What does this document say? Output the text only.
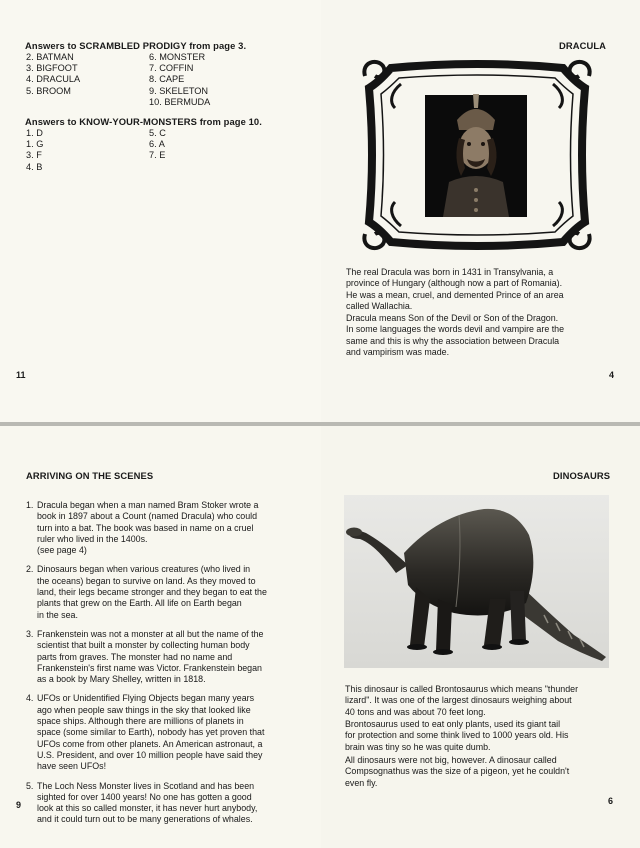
Answers to SCRAMBLED PRODIGY from page 3.
2. BATMAN
3. BIGFOOT
4. DRACULA
5. BROOM
6. MONSTER
7. COFFIN
8. CAPE
9. SKELETON
10. BERMUDA
Answers to KNOW-YOUR-MONSTERS from page 10.
1. D
1. G
3. F
4. B
5. C
6. A
7. E
11
DRACULA
The real Dracula was born in 1431 in Transylvania, a
province of Hungary (although now a part of Romania).
He was a mean, cruel, and demented Prince of an area
called Wallachia.
Dracula means Son of the Devil or Son of the Dragon.
In some languages the words devil and vampire are the
same and this is why the association between Dracula
and vampirism was made.
4
ARRIVING ON THE SCENES
1. Dracula began when a man named Bram Stoker wrote a
book in 1897 about a Count (named Dracula) who could
turn into a bat. The book was based in name on a cruel
ruler who lived in the 1400s.
(see page 4)
2. Dinosaurs began when various creatures (who lived in
the oceans) began to survive on land. As they moved to
land, their legs became stronger and they began to eat the
plants that grew on the Earth. All life on Earth began
in the sea.
3. Frankenstein was not a monster at all but the name of the
scientist that built a monster by collecting human body
parts from graves. The monster had no name and
Frankenstein's first name was Victor. Frankenstein began
as a book by Mary Shelley, written in 1818.
4. UFOs or Unidentified Flying Objects began many years
ago when people saw things in the sky that looked like
space ships. Although there are millions of planets in
space (some similar to Earth), nobody has yet proven that
UFOs come from other planets. An American astronaut, a
U.S. President, and over 10 million people have said they
have seen UFOs!
5. The Loch Ness Monster lives in Scotland and has been
sighted for over 1400 years! No one has gotten a good
look at this so called monster, it has never hurt anybody,
and it could turn out to be many generations of whales.
9
DINOSAURS
This dinosaur is called Brontosaurus which means "thunder
lizard". It was one of the largest dinosaurs weighing about
40 tons and was about 70 feet long.
Brontosaurus used to eat only plants, used its giant tail
for protection and some think lived to 1000 years old. His
brain was tiny so he was quite dumb.
All dinosaurs were not big, however. A dinosaur called
Compsognathus was the size of a pigeon, yet he couldn't
even fly.
6
